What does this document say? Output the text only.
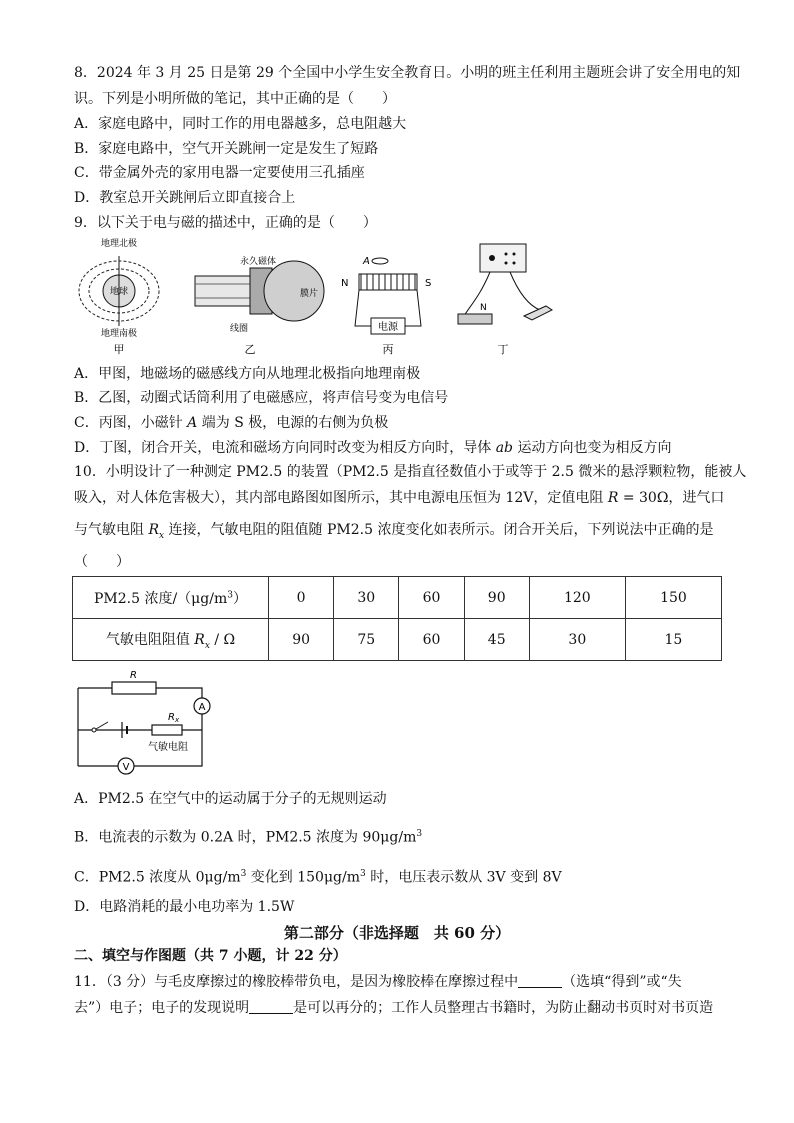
8．2024 年 3 月 25 日是第 29 个全国中小学生安全教育日。小明的班主任利用主题班会讲了安全用电的知
识。下列是小明所做的笔记，其中正确的是（　　）
A．家庭电路中，同时工作的用电器越多，总电阻越大
B．家庭电路中，空气开关跳闸一定是发生了短路
C．带金属外壳的家用电器一定要使用三孔插座
D．教室总开关跳闸后立即直接合上
9．以下关于电与磁的描述中，正确的是（　　）
地理北极
地球
地理南极
甲
永久磁体
膜片
线圈
乙
A
N	S
电源
丙
N
丁
A．甲图，地磁场的磁感线方向从地理北极指向地理南极
B．乙图，动圈式话筒利用了电磁感应，将声信号变为电信号
C．丙图，小磁针 A 端为 S 极，电源的右侧为负极
D．丁图，闭合开关，电流和磁场方向同时改变为相反方向时，导体 ab 运动方向也变为相反方向
10．小明设计了一种测定 PM2.5 的装置（PM2.5 是指直径数值小于或等于 2.5 微米的悬浮颗粒物，能被人
吸入，对人体危害极大），其内部电路图如图所示，其中电源电压恒为 12V，定值电阻 R = 30Ω，进气口
与气敏电阻 $R_x$ 连接，气敏电阻的阻值随 PM2.5 浓度变化如表所示。闭合开关后，下列说法中正确的是
（　　）
PM2.5 浓度$/(\mu g/m^3)$	0	30	60	90	120	150
气敏电阻阻值 $R_x$ / Ω	90	75	60	45	30	15
R
A
V
R x
气敏电阻
A．PM2.5 在空气中的运动属于分子的无规则运动
B．电流表的示数为 0.2A 时，PM2.5 浓度为 $90\mu g/m^3$
C．PM2.5 浓度从 $0\mu g/m^3$ 变化到 $150\mu g/m^3$ 时，电压表示数从 3V 变到 8V
D．电路消耗的最小电功率为 1.5W
第二部分（非选择题　共 60 分）
二、填空与作图题（共 7 小题，计 22 分）
11．（3 分）与毛皮摩擦过的橡胶棒带负电，是因为橡胶棒在摩擦过程中	（选填“得到”或“失
去”）电子；电子的发现说明	是可以再分的；工作人员整理古书籍时，为防止翻动书页时对书页造
